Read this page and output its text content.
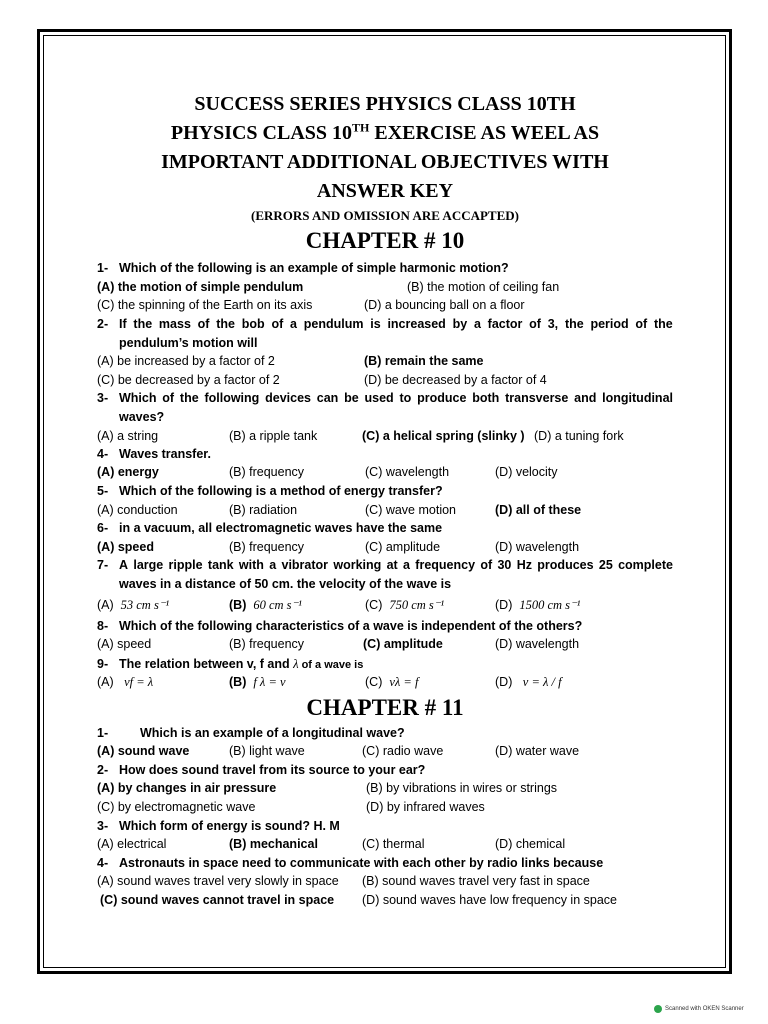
SUCCESS SERIES PHYSICS CLASS 10TH
PHYSICS CLASS 10TH EXERCISE AS WEEL AS
IMPORTANT ADDITIONAL OBJECTIVES WITH
ANSWER KEY
(ERRORS AND OMISSION ARE ACCAPTED)
CHAPTER # 10
1- Which of the following is an example of simple harmonic motion?
(A) the motion of simple pendulum	(B) the motion of ceiling fan
(C) the spinning of the Earth on its axis	(D) a bouncing ball on a floor
2- If the mass of the bob of a pendulum is increased by a factor of 3, the period of the
pendulum’s motion will
(A) be increased by a factor of 2	(B) remain the same
(C) be decreased by a factor of 2	(D) be decreased by a factor of 4
3- Which of the following devices can be used to produce both transverse and longitudinal
waves?
(A) a string	(B) a ripple tank	(C) a helical spring (slinky ) (D) a tuning fork
4- Waves transfer.
(A) energy	(B) frequency	(C) wavelength	(D) velocity
5- Which of the following is a method of energy transfer?
(A) conduction	(B) radiation	(C) wave motion	(D) all of these
6- in a vacuum, all electromagnetic waves have the same
(A) speed	(B) frequency	(C) amplitude	(D) wavelength
7- A large ripple tank with a vibrator working at a frequency of 30 Hz produces 25 complete
waves in a distance of 50 cm. the velocity of the wave is
(A) 53 cm s⁻¹	(B) 60 cm s⁻¹	(C) 750 cm s⁻¹	(D) 1500 cm s⁻¹
8- Which of the following characteristics of a wave is independent of the others?
(A) speed	(B) frequency	(C) amplitude	(D) wavelength
9- The relation between v, f and λ of a wave is
(A) vf = λ	(B) f λ = v	(C) vλ = f	(D) v = λ / f
CHAPTER # 11
1-	Which is an example of a longitudinal wave?
(A) sound wave	(B) light wave	(C) radio wave	(D) water wave
2- How does sound travel from its source to your ear?
(A) by changes in air pressure	(B) by vibrations in wires or strings
(C) by electromagnetic wave	(D) by infrared waves
3- Which form of energy is sound? H. M
(A) electrical	(B) mechanical	(C) thermal	(D) chemical
4- Astronauts in space need to communicate with each other by radio links because
(A) sound waves travel very slowly in space (B) sound waves travel very fast in space
(C) sound waves cannot travel in space (D) sound waves have low frequency in space
Scanned with OKEN Scanner
